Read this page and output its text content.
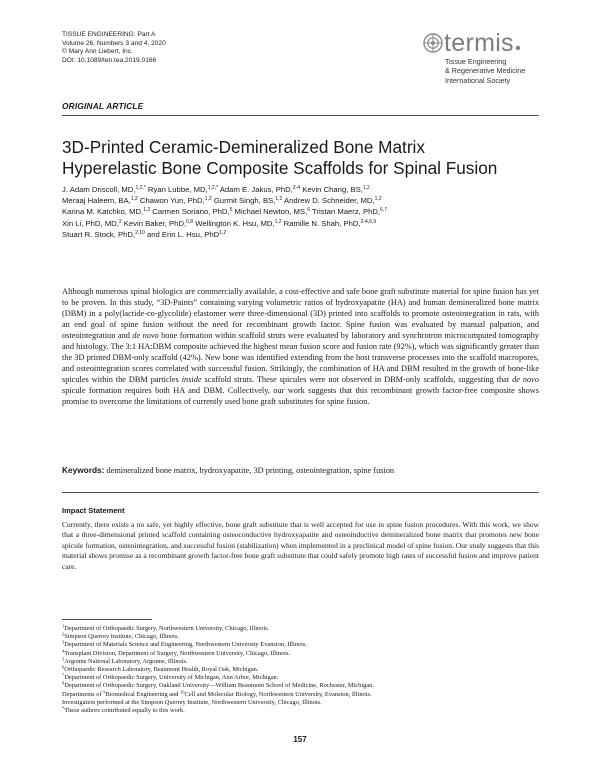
TISSUE ENGINEERING: Part A
Volume 26, Numbers 3 and 4, 2020
© Mary Ann Liebert, Inc.
DOI: 10.1089/ten.tea.2019.0166
termis
Tissue Engineering
& Regenerative Medicine
International Society
ORIGINAL ARTICLE
3D-Printed Ceramic-Demineralized Bone Matrix
Hyperelastic Bone Composite Scaffolds for Spinal Fusion
J. Adam Driscoll, MD,$^{1,2,*}$ Ryan Lubbe, MD,$^{1,2,*}$ Adam E. Jakus, PhD,$^{2-4}$ Kevin Chang, BS,$^{1,2}$
Meraaj Haleem, BA,$^{1,2}$ Chawon Yun, PhD,$^{1,2}$ Gurmit Singh, BS,$^{1,2}$ Andrew D. Schneider, MD,$^{1,2}$
Karina M. Katchko, MD,$^{1,2}$ Carmen Soriano, PhD,$^5$ Michael Newton, MS,$^6$ Tristan Maerz, PhD,$^{6,7}$
Xin Li, PhD, MD,$^2$ Kevin Baker, PhD,$^{6,8}$ Wellington K. Hsu, MD,$^{1,2}$ Ramille N. Shah, PhD,$^{2-4,6,9}$
Stuart R. Stock, PhD,$^{2,10}$ and Erin L. Hsu, PhD$^{1,2}$
Although numerous spinal biologics are commercially available, a cost-effective and safe bone graft substitute material for spine fusion has yet to be proven. In this study, “3D-Paints” containing varying volumetric ratios of hydroxyapatite (HA) and human demineralized bone matrix (DBM) in a poly(lactide-co-glycolide) elastomer were three-dimensional (3D) printed into scaffolds to promote osteointegration in rats, with an end goal of spine fusion without the need for recombinant growth factor. Spine fusion was evaluated by manual palpation, and osteointegration and de novo bone formation within scaffold struts were evaluated by laboratory and synchrotron microcomputed tomography and histology. The 3:1 HA:DBM composite achieved the highest mean fusion score and fusion rate (92%), which was significantly greater than the 3D printed DBM-only scaffold (42%). New bone was identified extending from the host transverse processes into the scaffold macropores, and osteointegration scores correlated with successful fusion. Strikingly, the combination of HA and DBM resulted in the growth of bone-like spicules within the DBM particles inside scaffold struts. These spicules were not observed in DBM-only scaffolds, suggesting that de novo spicule formation requires both HA and DBM. Collectively, our work suggests that this recombinant growth factor-free composite shows promise to overcome the limitations of currently used bone graft substitutes for spine fusion.
Keywords: demineralized bone matrix, hydroxyapatite, 3D printing, osteointegration, spine fusion
Impact Statement
Currently, there exists a no safe, yet highly effective, bone graft substitute that is well accepted for use in spine fusion procedures. With this work, we show that a three-dimensional printed scaffold containing osteoconductive hydroxyapatite and osteoinductive demineralized bone matrix that promotes new bone spicule formation, osteointegration, and successful fusion (stabilization) when implemented in a preclinical model of spine fusion. Our study suggests that this material shows promise as a recombinant growth factor-free bone graft substitute that could safely promote high rates of successful fusion and improve patient care.
$^1$Department of Orthopaedic Surgery, Northwestern University, Chicago, Illinois.
$^2$Simpson Querrey Institute, Chicago, Illinois.
$^3$Department of Materials Science and Engineering, Northwestern University Evanston, Illinois.
$^4$Transplant Division, Department of Surgery, Northwestern University, Chicago, Illinois.
$^5$Argonne National Laboratory, Argonne, Illinois.
$^6$Orthopaedic Research Laboratory, Beaumont Health, Royal Oak, Michigan.
$^7$Department of Orthopaedic Surgery, University of Michigan, Ann Arbor, Michigan.
$^8$Department of Orthopaedic Surgery, Oakland University—William Beaumont School of Medicine, Rochester, Michigan.
Departments of $^9$Biomedical Engineering and $^{10}$Cell and Molecular Biology, Northwestern University, Evanston, Illinois.
Investigation performed at the Simpson Querrey Institute, Northwestern University, Chicago, Illinois.
*These authors contributed equally to this work.
157
